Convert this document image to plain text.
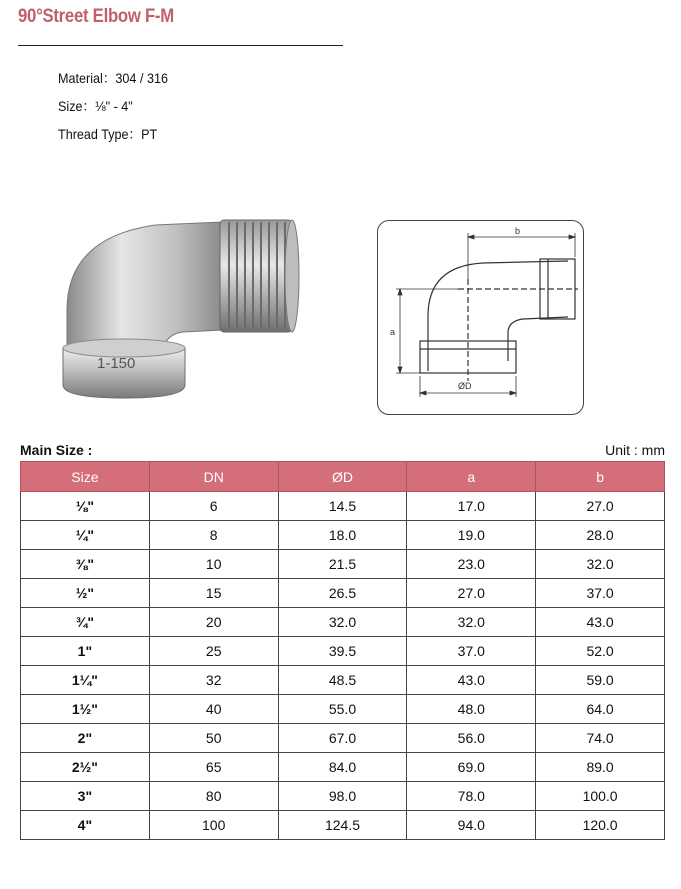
90°Street Elbow F-M
Material：304 / 316
Size：⅛" - 4"
Thread Type：PT
1-150
b
a
ØD
Main Size :	Unit : mm
Size	DN	ØD	a	b
⅛"	6	14.5	17.0	27.0
¼"	8	18.0	19.0	28.0
⅜"	10	21.5	23.0	32.0
½"	15	26.5	27.0	37.0
¾"	20	32.0	32.0	43.0
1"	25	39.5	37.0	52.0
1¼"	32	48.5	43.0	59.0
1½"	40	55.0	48.0	64.0
2"	50	67.0	56.0	74.0
2½"	65	84.0	69.0	89.0
3"	80	98.0	78.0	100.0
4"	100	124.5	94.0	120.0
